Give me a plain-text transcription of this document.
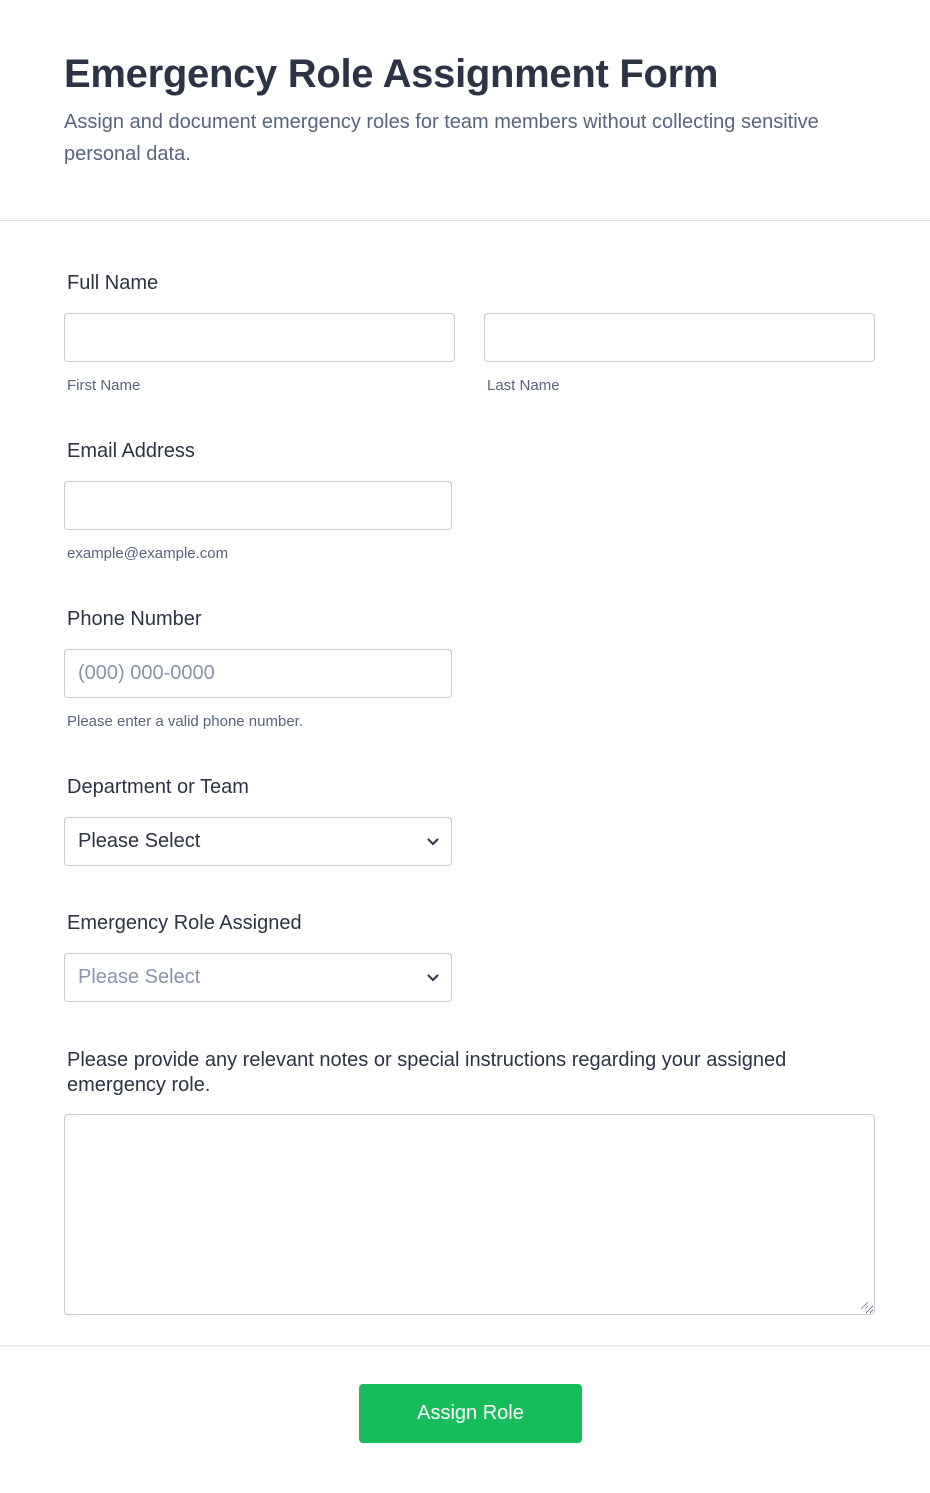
Emergency Role Assignment Form

Assign and document emergency roles for team members without collecting sensitive personal data.

Full Name
First Name	Last Name
Email Address
example@example.com
Phone Number
(000) 000-0000
Please enter a valid phone number.
Department or Team
Please Select
Emergency Role Assigned
Please Select
Please provide any relevant notes or special instructions regarding your assigned emergency role.
Assign Role
